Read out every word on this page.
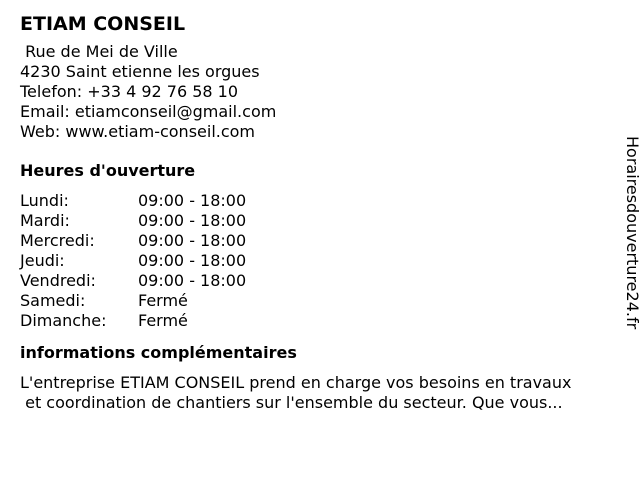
ETIAM CONSEIL
Rue de Mei de Ville
4230 Saint etienne les orgues
Telefon: +33 4 92 76 58 10
Email: etiamconseil@gmail.com
Web: www.etiam-conseil.com
Heures d'ouverture
Lundi:	09:00 - 18:00
Mardi:	09:00 - 18:00
Mercredi:	09:00 - 18:00
Jeudi:	09:00 - 18:00
Vendredi:	09:00 - 18:00
Samedi:	Fermé
Dimanche:	Fermé
informations complémentaires
L'entreprise ETIAM CONSEIL prend en charge vos besoins en travaux
et coordination de chantiers sur l'ensemble du secteur. Que vous...
Horairesdouverture24.fr
